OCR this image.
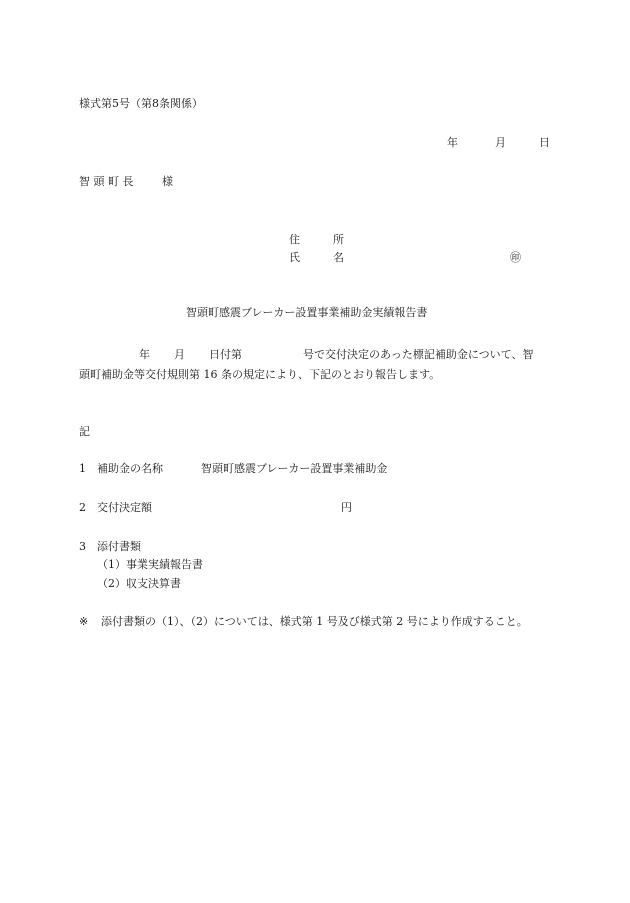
様式第5号（第8条関係）
年	月	日
智 頭 町 長	様
住　　　所
氏　　　名	㊞
智頭町感震ブレーカー設置事業補助金実績報告書
年 月 日付第	号で交付決定のあった標記補助金について、智
頭町補助金等交付規則第 16 条の規定により、下記のとおり報告します。
記
1 補助金の名称	智頭町感震ブレーカー設置事業補助金
2 交付決定額	円
3 添付書類
（1）事業実績報告書
（2）収支決算書
※ 添付書類の（1）、（2）については、様式第 1 号及び様式第 2 号により作成すること。
